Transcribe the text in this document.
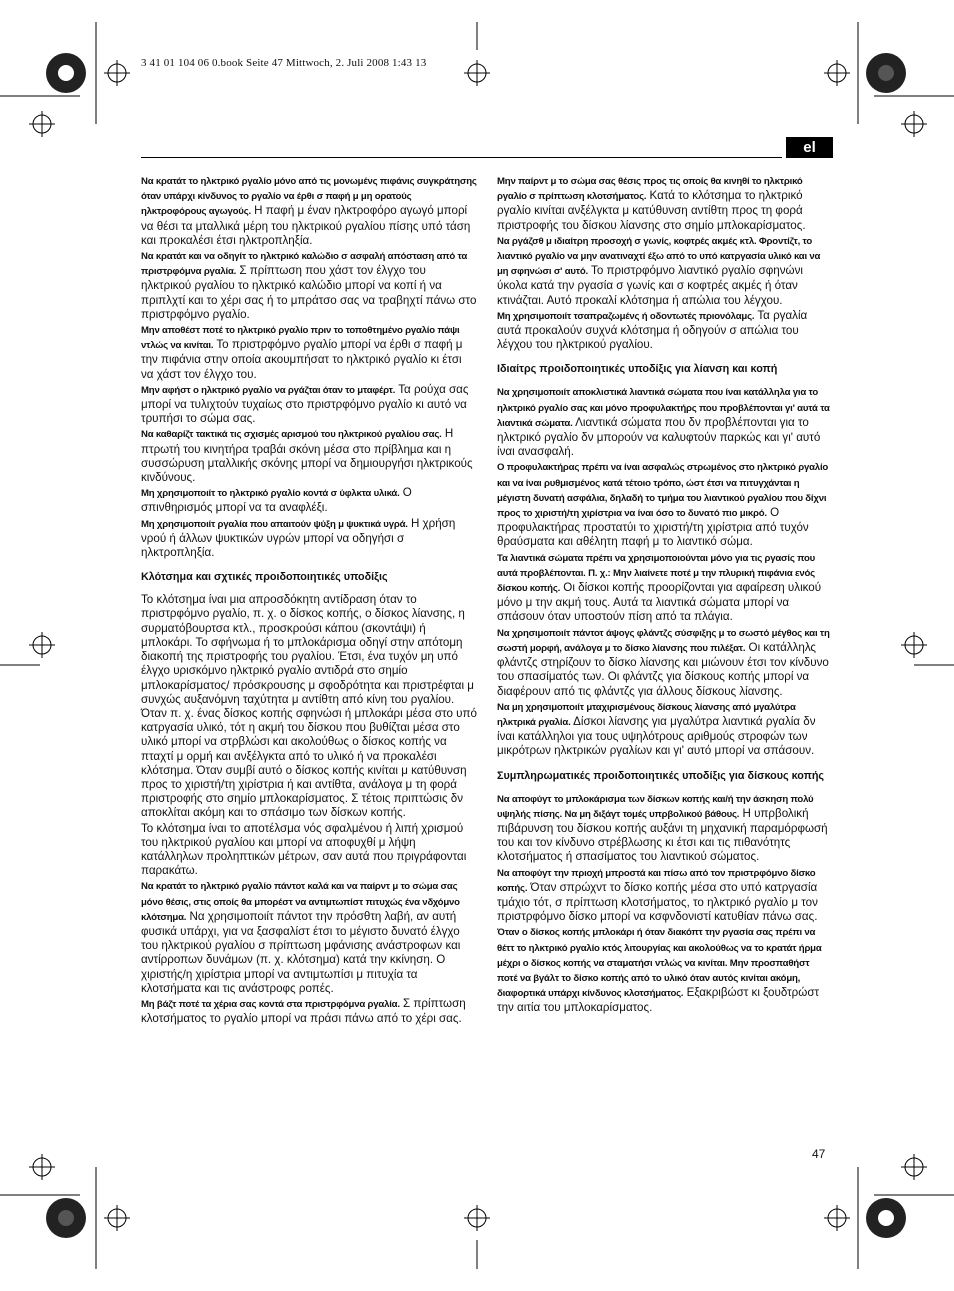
3 41 01 104 06 0.book Seite 47 Mittwoch, 2. Juli 2008 1:43 13
el

Να κρατάτ το ηλκτρικό ργαλίο μόνο από τις μονωμένς πιφάνις συγκράτησης όταν υπάρχι κίνδυνος το ργαλίο να έρθι σ παφή μ μη ορατούς ηλκτροφόρους αγωγούς. Η παφή μ έναν ηλκτροφόρο αγωγό μπορί να θέσι τα μταλλικά μέρη του ηλκτρικού ργαλίου πίσης υπό τάση και προκαλέσι έτσι ηλκτροπληξία.

Να κρατάτ και να οδηγίτ το ηλκτρικό καλώδιο σ ασφαλή απόσταση από τα πριστρφόμνα ργαλία. Σ πρίπτωση που χάστ τον έλγχο του ηλκτρικού ργαλίου το ηλκτρικό καλώδιο μπορί να κοπί ή να πριπλχτί και το χέρι σας ή το μπράτσο σας να τραβηχτί πάνω στο πριστρφόμνο ργαλίο.

Μην αποθέστ ποτέ το ηλκτρικό ργαλίο πριν το τοποθτημένο ργαλίο πάψι ντλώς να κινίται. Το πριστρφόμνο ργαλίο μπορί να έρθι σ παφή μ την πιφάνια στην οποία ακουμπήσατ το ηλκτρικό ργαλίο κι έτσι να χάστ τον έλγχο του.

Μην αφήστ ο ηλκτρικό ργαλίο να ργάζται όταν το μταφέρτ. Τα ρούχα σας μπορί να τυλιχτούν τυχαίως στο πριστρφόμνο ργαλίο κι αυτό να τρυπήσι το σώμα σας.

Να καθαρίζτ τακτικά τις σχισμές αρισμού του ηλκτρικού ργαλίου σας. Η πτρωτή του κινητήρα τραβάι σκόνη μέσα στο πρίβληµα και η συσσώρυση μταλλικής σκόνης μπορί να δημιουργήσι ηλκτρικούς κινδύνους.

Μη χρησιμοποιίτ το ηλκτρικό ργαλίο κοντά σ ύφλκτα υλικά. Ο σπινθηρισμός μπορί να τα αναφλέξι.

Μη χρησιμοποιίτ ργαλία που απαιτούν ψύξη μ ψυκτικά υγρά. Η χρήση νρού ή άλλων ψυκτικών υγρών μπορί να οδηγήσι σ ηλκτροπληξία.

Κλότσημα και σχτικές προιδοποιητικές υποδίξις

Το κλότσημα ίναι μια απροσδόκητη αντίδραση όταν το πριστρφόμνο ργαλίο, π. χ. ο δίσκος κοπής, ο δίσκος λίανσης, η συρματόβουρτσα κτλ., προσκρούσι κάπου (σκοντάψι) ή μπλοκάρι. Το σφήνωµα ή το μπλοκάρισµα οδηγί στην απότομη διακοπή της πριστροφής του ργαλίου. Έτσι, ένα τυχόν μη υπό έλγχο υρισκόμνο ηλκτρικό ργαλίο αντιδρά στο σημίο μπλοκαρίσματος/ πρόσκρουσης μ σφοδρότητα και πριστρέφται μ συνχώς αυξανόμνη ταχύτητα μ αντίθτη από κίνη του ργαλίου. Όταν π. χ. ένας δίσκος κοπής σφηνώσι ή μπλοκάρι μέσα στο υπό κατργασία υλικό, τότ η ακμή του δίσκου που βυθίζται μέσα στο υλικό μπορί να στρβλώσι και ακολούθως ο δίσκος κοπής να πταχτί μ ορμή και ανξέλγκτα από το υλικό ή να προκαλέσι κλότσημα. Όταν συμβί αυτό ο δίσκος κοπής κινίται μ κατύθυνση προς το χιριστή/τη χιρίστρια ή και αντίθτα, ανάλογα μ τη φορά πριστροφής στο σημίο μπλοκαρίσματος. Σ τέτοις πριπτώσις δν αποκλίται ακόμη και το σπάσιμο των δίσκων κοπής.

Το κλότσημα ίναι το αποτέλσμα νός σφαλμένου ή λιπή χρισμού του ηλκτρικού ργαλίου και μπορί να αποφυχθί μ λήψη κατάλληλων προληπτικών μέτρων, σαν αυτά που πριγράφονται παρακάτω.

Να κρατάτ το ηλκτρικό ργαλίο πάντοτ καλά και να παίρντ μ το σώμα σας μόνο θέσις, στις οποίς θα μπορέστ να αντιμτωπίστ πιτυχώς ένα νδχόμνο κλότσημα. Να χρησιμοποιίτ πάντοτ την πρόσθτη λαβή, αν αυτή φυσικά υπάρχι, για να ξασφαλίστ έτσι το μέγιστο δυνατό έλγχο του ηλκτρικού ργαλίου σ πρίπτωση μφάνισης ανάστροφων και αντίρροπων δυνάμων (π. χ. κλότσημα) κατά την κκίνηση. Ο χιριστής/η χιρίστρια μπορί να αντιμτωπίσι μ πιτυχία τα κλοτσήματα και τις ανάστροφς ροπές.

Μη βάζτ ποτέ τα χέρια σας κοντά στα πριστρφόμνα ργαλία. Σ πρίπτωση κλοτσήματος το ργαλίο μπορί να πράσι πάνω από το χέρι σας.

Μην παίρντ μ το σώμα σας θέσις προς τις οποίς θα κινηθί το ηλκτρικό ργαλίο σ πρίπτωση κλοτσήματος. Κατά το κλότσημα το ηλκτρικό ργαλίο κινίται ανξέλγκτα μ κατύθυνση αντίθτη προς τη φορά πριστροφής του δίσκου λίανσης στο σημίο μπλοκαρίσματος.

Να ργάζσθ μ ιδιαίτρη προσοχή σ γωνίς, κοφτρές ακμές κτλ. Φροντίζτ, το λιαντικό ργαλίο να μην ανατιναχτί έξω από το υπό κατργασία υλικό και να μη σφηνώσι σ' αυτό. Το πριστρφόμνο λιαντικό ργαλίο σφηνώνι ύκολα κατά την ργασία σ γωνίς και σ κοφτρές ακμές ή όταν κτινάζται. Αυτό προκαλί κλότσημα ή απώλια του λέγχου.

Μη χρησιμοποιίτ τσαπραζωμένς ή οδοντωτές πριονόλαμς. Τα ργαλία αυτά προκαλούν συχνά κλότσημα ή οδηγούν σ απώλια του λέγχου του ηλκτρικού ργαλίου.

Ιδιαίτρς προιδοποιητικές υποδίξις για λίανση και κοπή

Να χρησιμοποιίτ αποκλιστικά λιαντικά σώματα που ίναι κατάλληλα για το ηλκτρικό ργαλίο σας και μόνο προφυλακτήρς που προβλέπονται γι' αυτά τα λιαντικά σώματα. Λιαντικά σώματα που δν προβλέπονται για το ηλκτρικό ργαλίο δν μπορούν να καλυφτούν παρκώς και γι' αυτό ίναι ανασφαλή.

Ο προφυλακτήρας πρέπι να ίναι ασφαλώς στρωμένος στο ηλκτρικό ργαλίο και να ίναι ρυθμισμένος κατά τέτοιο τρόπο, ώστ έτσι να πιτυγχάνται η μέγιστη δυνατή ασφάλια, δηλαδή το τμήμα του λιαντικού ργαλίου που δίχνι προς το χιριστή/τη χιρίστρια να ίναι όσο το δυνατό πιο μικρό. Ο προφυλακτήρας προστατύι το χιριστή/τη χιρίστρια από τυχόν θραύσματα και αθέλητη παφή μ το λιαντικό σώμα.

Τα λιαντικά σώματα πρέπι να χρησιμοποιούνται μόνο για τις ργασίς που αυτά προβλέπονται. Π. χ.: Μην λιαίνετε ποτέ μ την πλυρική πιφάνια ενός δίσκου κοπής. Οι δίσκοι κοπής προορίζονται για αφαίρεση υλικού μόνο μ την ακμή τους. Αυτά τα λιαντικά σώματα μπορί να σπάσουν όταν υποστούν πίση από τα πλάγια.

Να χρησιμοποιίτ πάντοτ άψογς φλάντζς σύσφιξης μ το σωστό μέγθος και τη σωστή μορφή, ανάλογα μ το δίσκο λίανσης που πιλέξατ. Οι κατάλληλς φλάντζς στηρίζουν το δίσκο λίανσης και μιώνουν έτσι τον κίνδυνο του σπασίματός των. Οι φλάντζς για δίσκους κοπής μπορί να διαφέρουν από τις φλάντζς για άλλους δίσκους λίανσης.

Να μη χρησιμοποιίτ μταχιρισμένους δίσκους λίανσης από μγαλύτρα ηλκτρικά ργαλία. Δίσκοι λίανσης για μγαλύτρα λιαντικά ργαλία δν ίναι κατάλληλοι για τους υψηλότρους αριθμούς στροφών των μικρότρων ηλκτρικών ργαλίων και γι' αυτό μπορί να σπάσουν.

Συμπληρωματικές προιδοποιητικές υποδίξις για δίσκους κοπής

Να αποφύγτ το μπλοκάρισμα των δίσκων κοπής και/ή την άσκηση πολύ υψηλής πίσης. Να μη διξάγτ τομές υπρβολικού βάθους. Η υπρβολική πιβάρυνση του δίσκου κοπής αυξάνι τη μηχανική παραμόρφωσή του και τον κίνδυνο στρέβλωσης κι έτσι και τις πιθανότητς κλοτσήματος ή σπασίματος του λιαντικού σώματος.

Να αποφύγτ την πριοχή μπροστά και πίσω από τον πριστρφόμνο δίσκο κοπής. Όταν σπρώχντ το δίσκο κοπής μέσα στο υπό κατργασία τμάχιο τότ, σ πρίπτωση κλοτσήματος, το ηλκτρικό ργαλίο μ τον πριστρφόμνο δίσκο μπορί να κσφνδονιστί κατυθίαν πάνω σας.

Όταν ο δίσκος κοπής μπλοκάρι ή όταν διακόπτ την ργασία σας πρέπι να θέττ το ηλκτρικό ργαλίο κτός λιτουργίας και ακολούθως να το κρατάτ ήρμα μέχρι ο δίσκος κοπής να σταματήσι ντλώς να κινίται. Μην προσπαθήστ ποτέ να βγάλτ το δίσκο κοπής από το υλικό όταν αυτός κινίται ακόμη, διαφορτικά υπάρχι κίνδυνος κλοτσήματος. Εξακριβώστ κι ξουδτρώστ την αιτία του μπλοκαρίσματος.

47
